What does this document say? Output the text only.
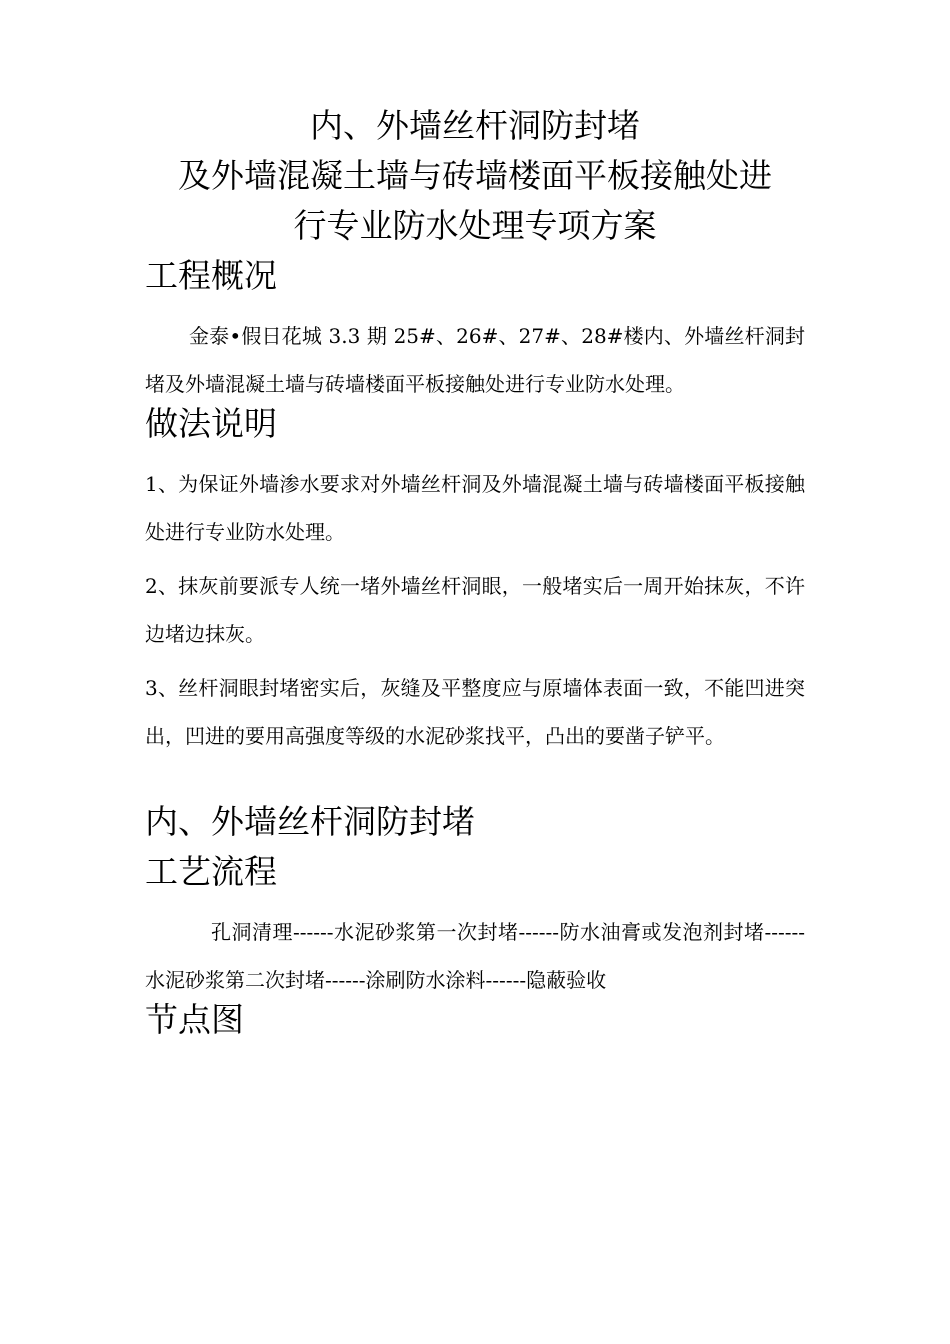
内、外墙丝杆洞防封堵
及外墙混凝土墙与砖墙楼面平板接触处进
行专业防水处理专项方案
工程概况

金泰•假日花城 3.3 期 25#、26#、27#、28#楼内、外墙丝杆洞封堵及外墙混凝土墙与砖墙楼面平板接触处进行专业防水处理。

做法说明

1、为保证外墙渗水要求对外墙丝杆洞及外墙混凝土墙与砖墙楼面平板接触处进行专业防水处理。

2、抹灰前要派专人统一堵外墙丝杆洞眼，一般堵实后一周开始抹灰，不许边堵边抹灰。

3、丝杆洞眼封堵密实后，灰缝及平整度应与原墙体表面一致，不能凹进突出，凹进的要用高强度等级的水泥砂浆找平，凸出的要凿子铲平。

内、外墙丝杆洞防封堵
工艺流程

孔洞清理------水泥砂浆第一次封堵------防水油膏或发泡剂封堵------水泥砂浆第二次封堵------涂刷防水涂料------隐蔽验收

节点图
